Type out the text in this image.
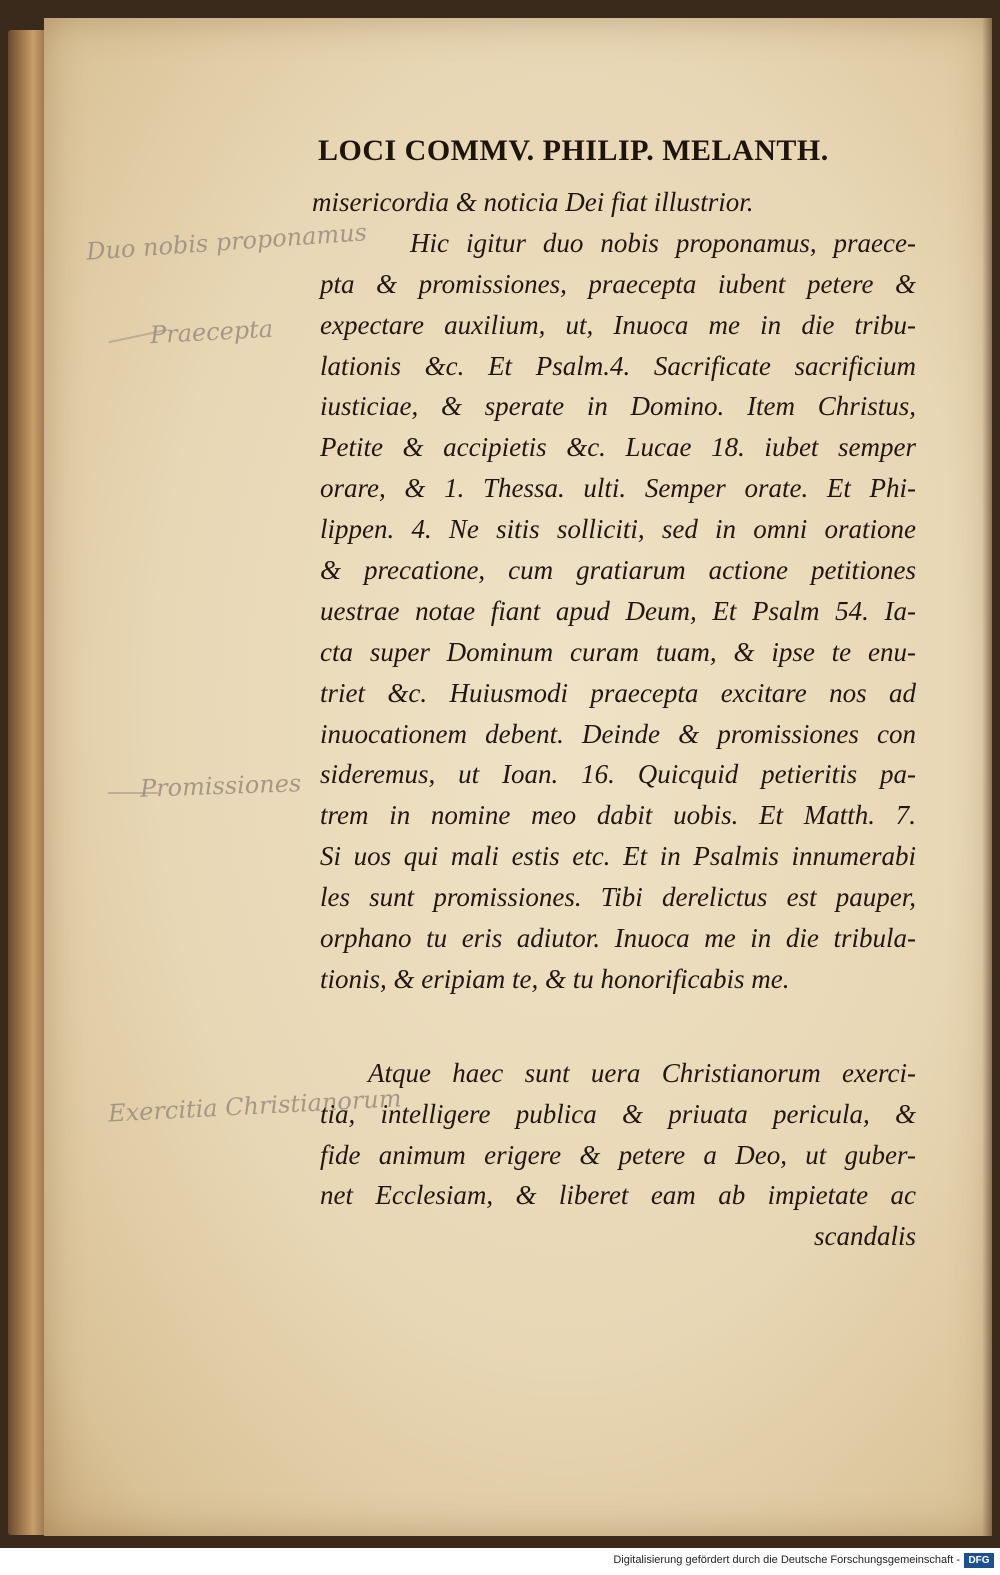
LOCI COMMV. PHILIP. MELANTH.
Duo nobis proponamus
Praecepta
Promissiones
Exercitia Christianorum
misericordia & noticia Dei fiat illustrior.
Hic igitur duo nobis proponamus, praece-
pta & promissiones, praecepta iubent petere &
expectare auxilium, ut, Inuoca me in die tribu-
lationis &c. Et Psalm.4. Sacrificate sacrificium
iusticiae, & sperate in Domino. Item Christus,
Petite & accipietis &c. Lucae 18. iubet semper
orare, & 1. Thessa. ulti. Semper orate. Et Phi-
lippen. 4. Ne sitis solliciti, sed in omni oratione
& precatione, cum gratiarum actione petitiones
uestrae notae fiant apud Deum, Et Psalm 54. Ia-
cta super Dominum curam tuam, & ipse te enu-
triet &c. Huiusmodi praecepta excitare nos ad
inuocationem debent. Deinde & promissiones con
sideremus, ut Ioan. 16. Quicquid petieritis pa-
trem in nomine meo dabit uobis. Et Matth. 7.
Si uos qui mali estis etc. Et in Psalmis innumerabi
les sunt promissiones. Tibi derelictus est pauper,
orphano tu eris adiutor. Inuoca me in die tribula-
tionis, & eripiam te, & tu honorificabis me.
Atque haec sunt uera Christianorum exerci-
tia, intelligere publica & priuata pericula, &
fide animum erigere & petere a Deo, ut guber-
net Ecclesiam, & liberet eam ab impietate ac
scandalis
Digitalisierung gefördert durch die Deutsche Forschungsgemeinschaft - DFG
